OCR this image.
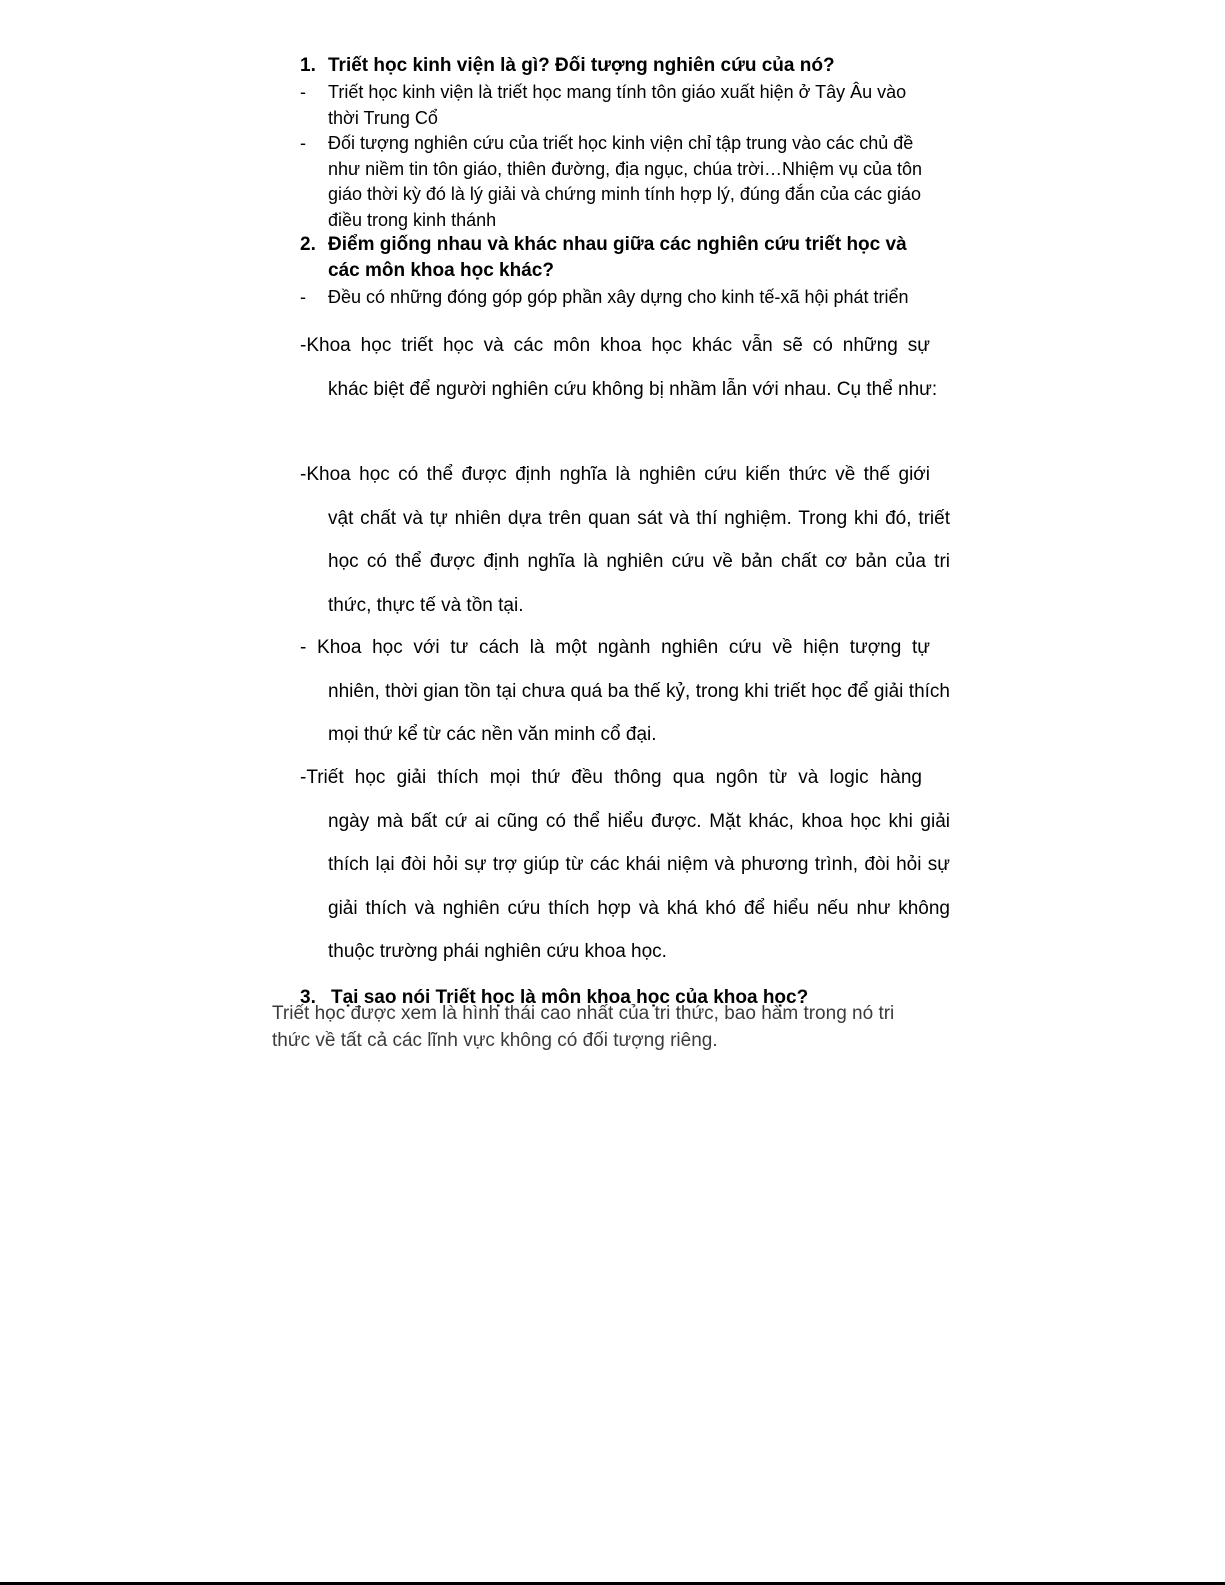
1. Triết học kinh viện là gì? Đối tượng nghiên cứu của nó?
- Triết học kinh viện là triết học mang tính tôn giáo xuất hiện ở Tây Âu vào thời Trung Cổ
- Đối tượng nghiên cứu của triết học kinh viện chỉ tập trung vào các chủ đề như niềm tin tôn giáo, thiên đường, địa ngục, chúa trời…Nhiệm vụ của tôn giáo thời kỳ đó là lý giải và chứng minh tính hợp lý, đúng đắn của các giáo điều trong kinh thánh
2. Điểm giống nhau và khác nhau giữa các nghiên cứu triết học và các môn khoa học khác?
- Đều có những đóng góp góp phần xây dựng cho kinh tế-xã hội phát triển
-Khoa học triết học và các môn khoa học khác vẫn sẽ có những sự
khác biệt để người nghiên cứu không bị nhầm lẫn với nhau. Cụ thể như:
-Khoa học có thể được định nghĩa là nghiên cứu kiến thức về thế giới
vật chất và tự nhiên dựa trên quan sát và thí nghiệm. Trong khi đó, triết học có thể được định nghĩa là nghiên cứu về bản chất cơ bản của tri thức, thực tế và tồn tại.
- Khoa học với tư cách là một ngành nghiên cứu về hiện tượng tự
nhiên, thời gian tồn tại chưa quá ba thế kỷ, trong khi triết học để giải thích mọi thứ kể từ các nền văn minh cổ đại.
-Triết học giải thích mọi thứ đều thông qua ngôn từ và logic hàng
ngày mà bất cứ ai cũng có thể hiểu được. Mặt khác, khoa học khi giải thích lại đòi hỏi sự trợ giúp từ các khái niệm và phương trình, đòi hỏi sự giải thích và nghiên cứu thích hợp và khá khó để hiểu nếu như không thuộc trường phái nghiên cứu khoa học.
3. Tại sao nói Triết học là môn khoa học của khoa học?
Triết học được xem là hình thái cao nhất của tri thức, bao hàm trong nó tri thức về tất cả các lĩnh vực không có đối tượng riêng.
